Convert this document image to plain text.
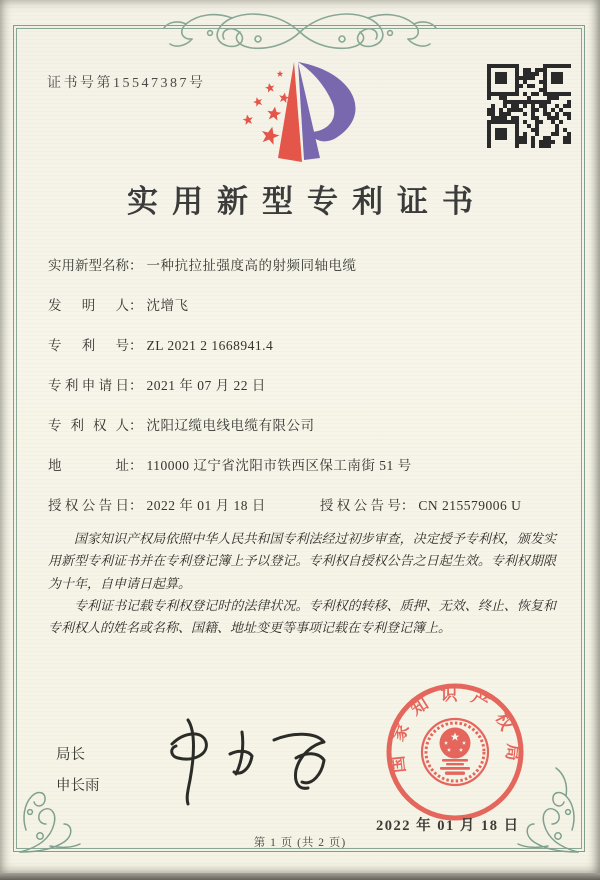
证书号第15547387号
实用新型专利证书
实用新型名称 ： 一种抗拉扯强度高的射频同轴电缆
发明人 ： 沈增飞
专利号 ： ZL 2021 2 1668941.4
专利申请日 ： 2021 年 07 月 22 日
专利权人 ： 沈阳辽缆电线电缆有限公司
地址 ： 110000 辽宁省沈阳市铁西区保工南街 51 号
授权公告日 ： 2022 年 01 月 18 日	授权公告号 ： CN 215579006 U

国家知识产权局依照中华人民共和国专利法经过初步审查，决定授予专利权，颁发实用新型专利证书并在专利登记簿上予以登记。专利权自授权公告之日起生效。专利权期限为十年，自申请日起算。

专利证书记载专利权登记时的法律状况。专利权的转移、质押、无效、终止、恢复和专利权人的姓名或名称、国籍、地址变更等事项记载在专利登记簿上。

局长
申长雨
国家知识产权局
2022 年 01 月 18 日
第 1 页 (共 2 页)
